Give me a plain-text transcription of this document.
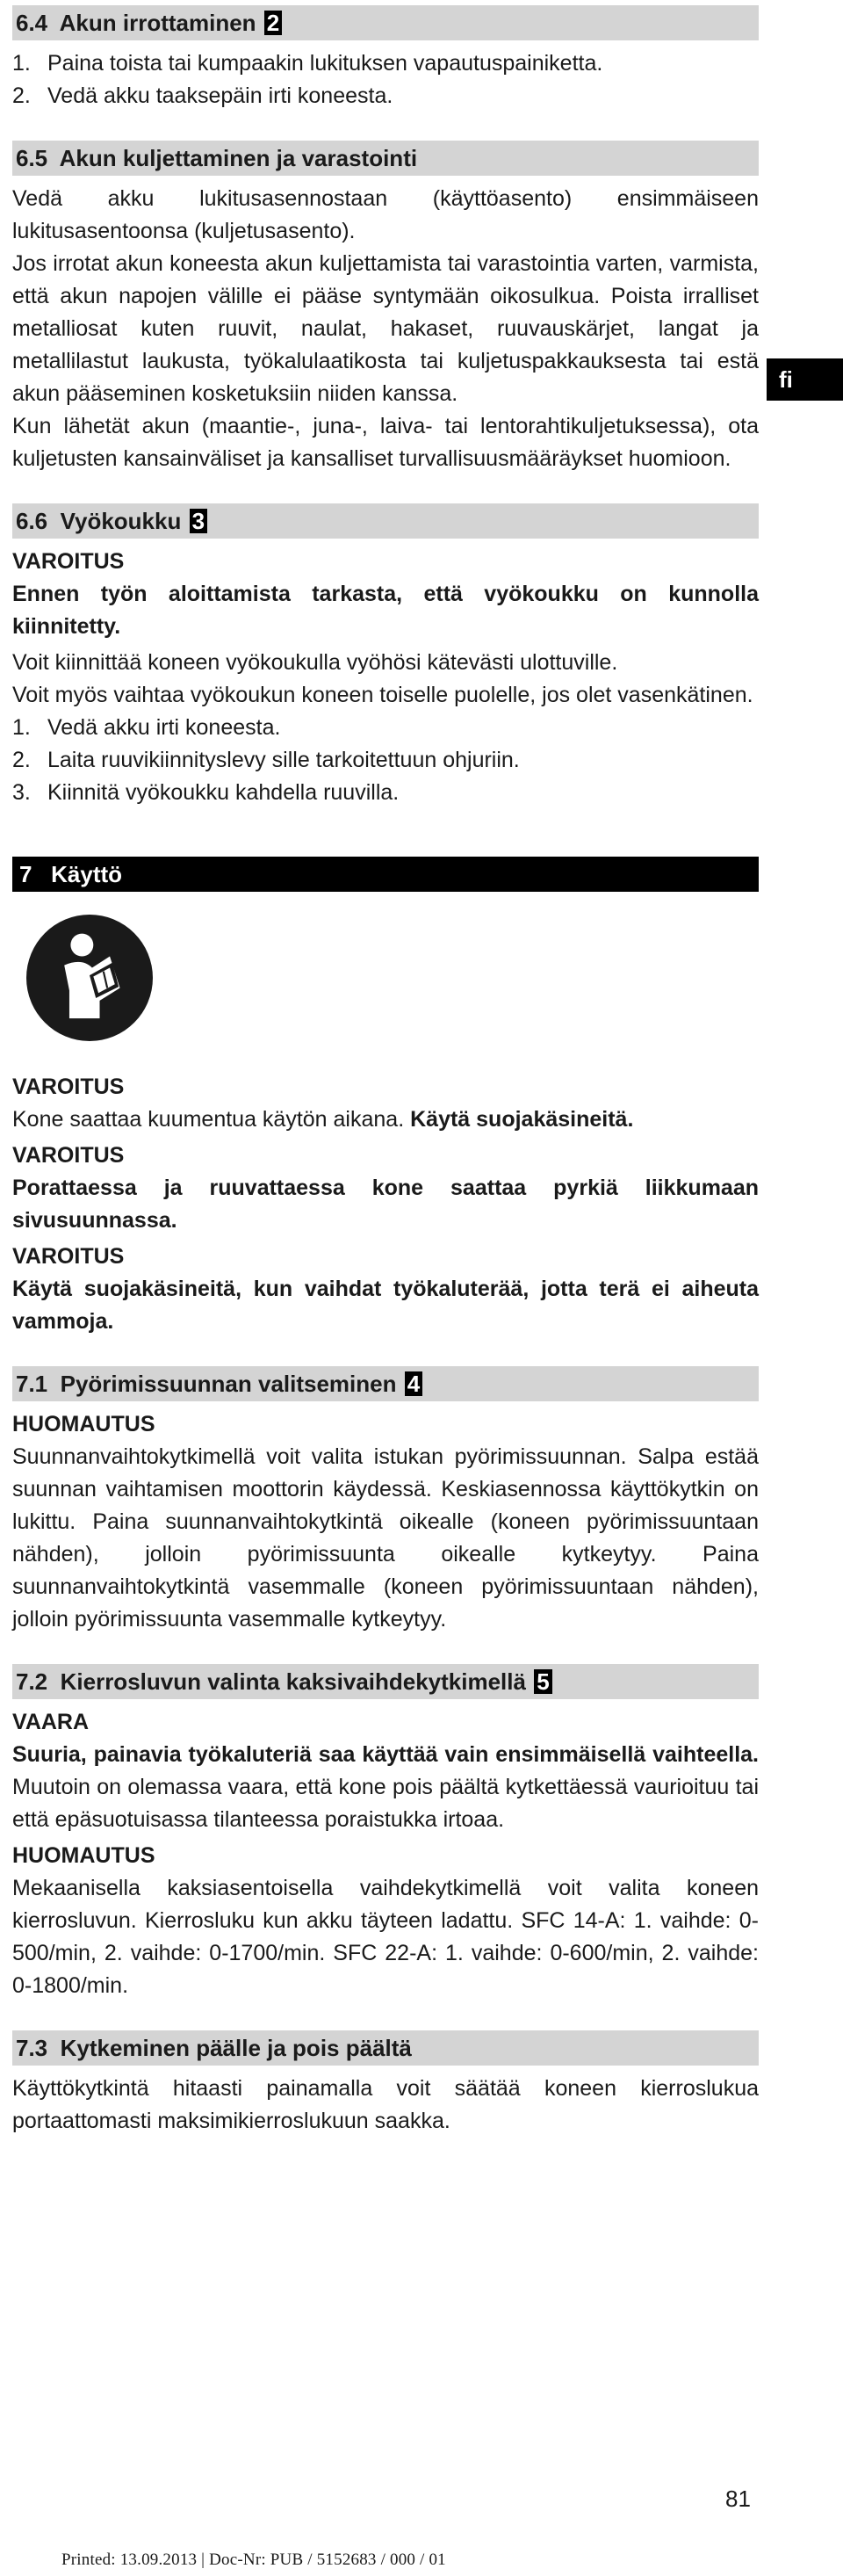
fi
6.4 Akun irrottaminen 2
1. Paina toista tai kumpaakin lukituksen vapautuspainiketta.
2. Vedä akku taaksepäin irti koneesta.
6.5 Akun kuljettaminen ja varastointi

Vedä akku lukitusasennostaan (käyttöasento) ensimmäiseen lukitusasentoonsa (kuljetusasento).

Jos irrotat akun koneesta akun kuljettamista tai varastointia varten, varmista, että akun napojen välille ei pääse syntymään oikosulkua. Poista irralliset metalliosat kuten ruuvit, naulat, hakaset, ruuvauskärjet, langat ja metallilastut laukusta, työkalulaatikosta tai kuljetuspakkauksesta tai estä akun pääseminen kosketuksiin niiden kanssa.

Kun lähetät akun (maantie-, juna-, laiva- tai lentorahtikuljetuksessa), ota kuljetusten kansainväliset ja kansalliset turvallisuusmääräykset huomioon.

6.6 Vyökoukku 3

VAROITUS

Ennen työn aloittamista tarkasta, että vyökoukku on kunnolla kiinnitetty.

Voit kiinnittää koneen vyökoukulla vyöhösi kätevästi ulottuville.

Voit myös vaihtaa vyökoukun koneen toiselle puolelle, jos olet vasenkätinen.

1. Vedä akku irti koneesta.
2. Laita ruuvikiinnityslevy sille tarkoitettuun ohjuriin.
3. Kiinnitä vyökoukku kahdella ruuvilla.
7 Käyttö

VAROITUS

Kone saattaa kuumentua käytön aikana. Käytä suojakäsineitä.

VAROITUS

Porattaessa ja ruuvattaessa kone saattaa pyrkiä liikkumaan sivusuunnassa.

VAROITUS

Käytä suojakäsineitä, kun vaihdat työkaluterää, jotta terä ei aiheuta vammoja.

7.1 Pyörimissuunnan valitseminen 4

HUOMAUTUS

Suunnanvaihtokytkimellä voit valita istukan pyörimissuunnan. Salpa estää suunnan vaihtamisen moottorin käydessä. Keskiasennossa käyttökytkin on lukittu. Paina suunnanvaihtokytkintä oikealle (koneen pyörimissuuntaan nähden), jolloin pyörimissuunta oikealle kytkeytyy. Paina suunnanvaihtokytkintä vasemmalle (koneen pyörimissuuntaan nähden), jolloin pyörimissuunta vasemmalle kytkeytyy.

7.2 Kierrosluvun valinta kaksivaihdekytkimellä 5

VAARA

Suuria, painavia työkaluteriä saa käyttää vain ensimmäisellä vaihteella. Muutoin on olemassa vaara, että kone pois päältä kytkettäessä vaurioituu tai että epäsuotuisassa tilanteessa poraistukka irtoaa.

HUOMAUTUS

Mekaanisella kaksiasentoisella vaihdekytkimellä voit valita koneen kierrosluvun. Kierrosluku kun akku täyteen ladattu. SFC 14-A: 1. vaihde: 0-500/min, 2. vaihde: 0-1700/min. SFC 22-A: 1. vaihde: 0-600/min, 2. vaihde: 0-1800/min.

7.3 Kytkeminen päälle ja pois päältä

Käyttökytkintä hitaasti painamalla voit säätää koneen kierroslukua portaattomasti maksimikierroslukuun saakka.

81
Printed: 13.09.2013 | Doc-Nr: PUB / 5152683 / 000 / 01
